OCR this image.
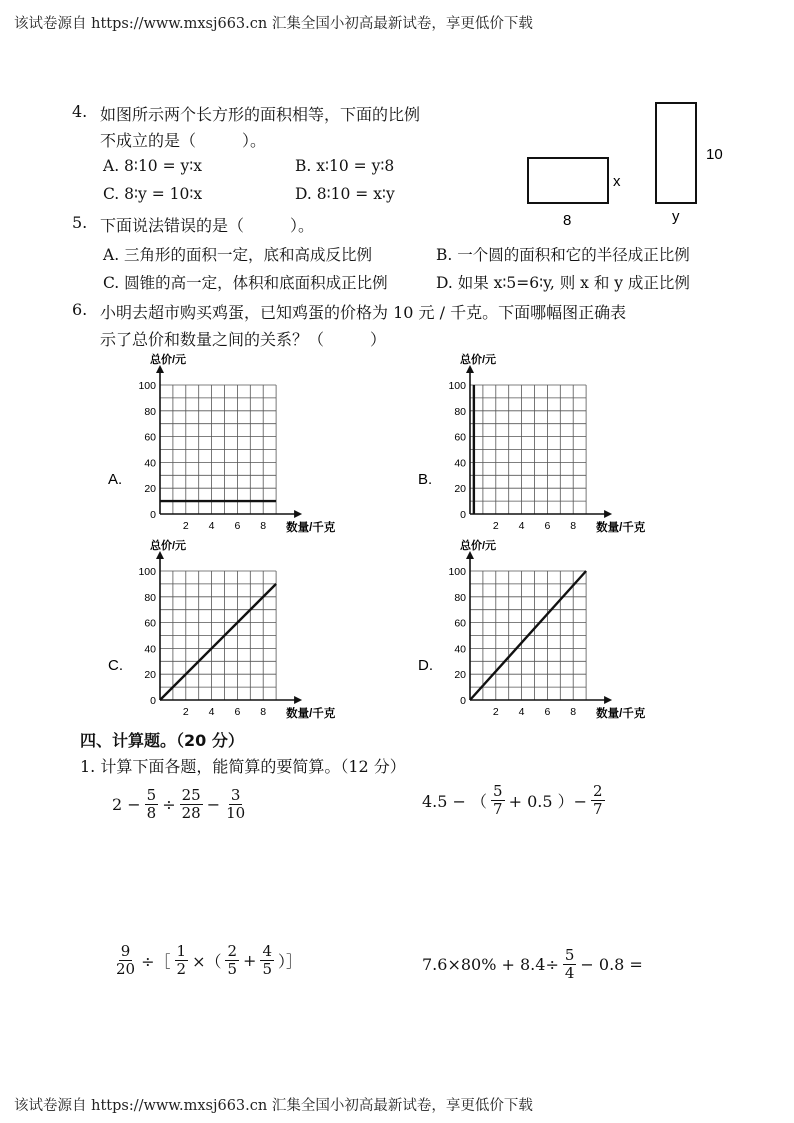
该试卷源自 https://www.mxsj663.cn 汇集全国小初高最新试卷，享更低价下载
4. 如图所示两个长方形的面积相等，下面的比例
不成立的是（	）。
A. 8∶10 = y∶x	B. x∶10 = y∶8
C. 8∶y = 10∶x	D. 8∶10 = x∶y
x
8
10
y
5. 下面说法错误的是（	）。
A. 三角形的面积一定，底和高成反比例	B. 一个圆的面积和它的半径成正比例
C. 圆锥的高一定，体积和底面积成正比例	D. 如果 x∶5=6∶y, 则 x 和 y 成正比例
6. 小明去超市购买鸡蛋，已知鸡蛋的价格为 10 元 / 千克。下面哪幅图正确表
示了总价和数量之间的关系？（	）
A.
总价/元
数量/千克
0
20
40
60
80
100
2 4 6 8
B.
总价/元
数量/千克
0
20
40
60
80
100
2 4 6 8
C.
总价/元
数量/千克
0
20
40
60
80
100
2 4 6 8
D.
总价/元
数量/千克
0
20
40
60
80
100
2 4 6 8
四、计算题。（20 分）
1. 计算下面各题，能简算的要简算。（12 分）
$2 - \frac{5}{8} \div \frac{25}{28} - \frac{3}{10}$	4.5 − （ $\frac{5}{7} + 0.5$ ）− $\frac{2}{7}$
$\frac{9}{20}$ ÷［ $\frac{1}{2}$ ×（ $\frac{2}{5} + \frac{4}{5}$ ）］	$7.6\times 80\% + 8.4\div \frac{5}{4} - 0.8$ =
该试卷源自 https://www.mxsj663.cn 汇集全国小初高最新试卷，享更低价下载
